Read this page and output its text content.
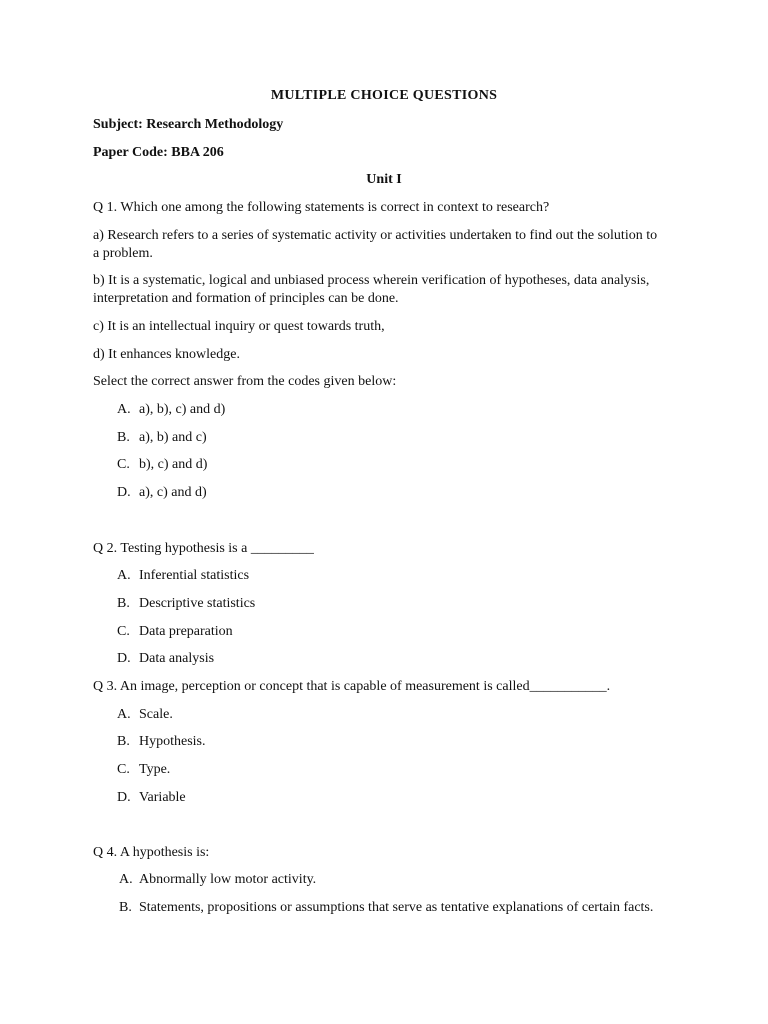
MULTIPLE CHOICE QUESTIONS
Subject: Research Methodology
Paper Code: BBA 206
Unit I
Q 1. Which one among the following statements is correct in context to research?
a) Research refers to a series of systematic activity or activities undertaken to find out the solution to a problem.
b) It is a systematic, logical and unbiased process wherein verification of hypotheses, data analysis, interpretation and formation of principles can be done.
c) It is an intellectual inquiry or quest towards truth,
d) It enhances knowledge.
Select the correct answer from the codes given below:
A. a), b), c) and d)
B. a), b) and c)
C. b), c) and d)
D. a), c) and d)
Q 2. Testing hypothesis is a _________
A. Inferential statistics
B. Descriptive statistics
C. Data preparation
D. Data analysis
Q 3. An image, perception or concept that is capable of measurement is called___________.
A. Scale.
B. Hypothesis.
C. Type.
D. Variable
Q 4. A hypothesis is:
A. Abnormally low motor activity.
B. Statements, propositions or assumptions that serve as tentative explanations of certain facts.
